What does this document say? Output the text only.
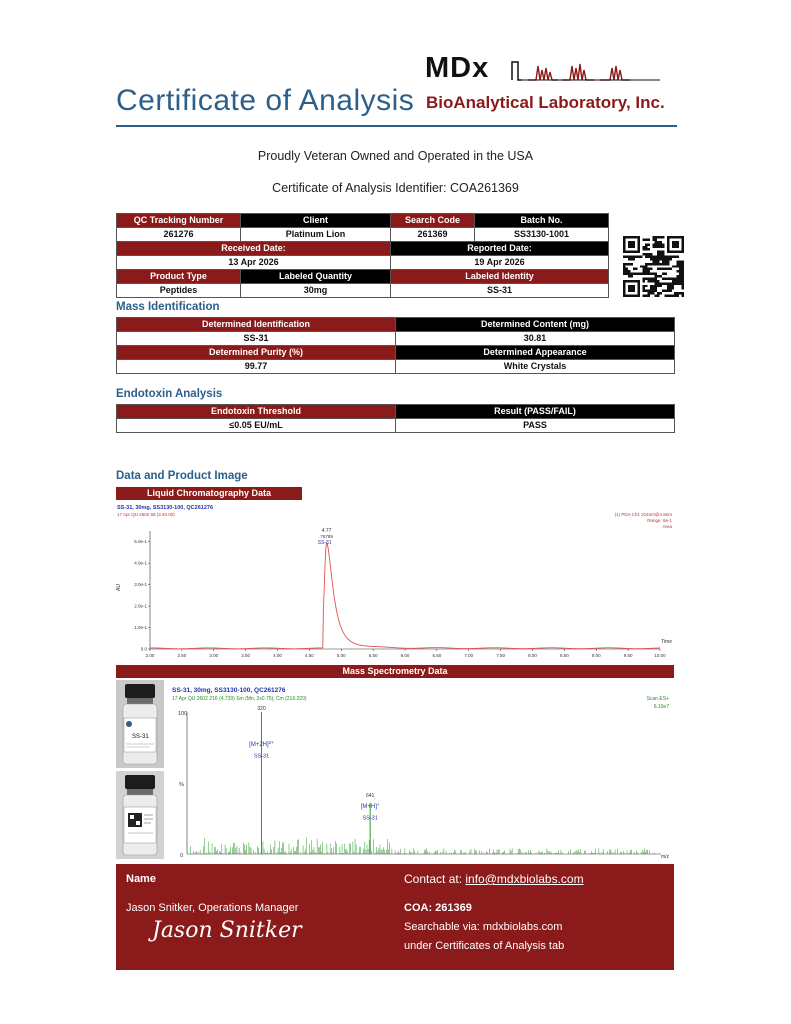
Certificate of Analysis
MDx
BioAnalytical Laboratory, Inc.
Proudly Veteran Owned and Operated in the USA
Certificate of Analysis Identifier: COA261369
QC Tracking Number	Client	Search Code	Batch No.
261276	Platinum Lion	261369	SS3130-1001
Received Date:		Reported Date:	
13 Apr 2026		19 Apr 2026	
Product Type	Labeled Quantity	Labeled Identity	
Peptides	30mg	SS-31	
Mass Identification
Determined Identification	Determined Content (mg)
SS-31	30.81
Determined Purity (%)	Determined Appearance
99.77	White Crystals
Endotoxin Analysis
Endotoxin Threshold	Result (PASS/FAIL)
≤0.05 EU/mL	PASS
Data and Product Image
Liquid Chromatography Data
SS-31, 30mg, SS3130-100, QC261276
17 Apr QU 2602 58 (3.40.00)	(1) PDA Ch1 214nm@4.8nm
Range: 8e-1
Area
AU
Time
0.0
1.0e-1
2.0e-1
3.0e-1
4.0e-1
5.0e-1
2.00	2.50	3.00	3.50	4.00	4.50	5.00	5.50	6.00	6.50	7.00	7.50	8.00	8.50	9.00	9.50	10.00
4.77
76789
SS-31
Mass Spectrometry Data
SS-31
SS-31, 30mg, SS3130-100, QC261276
17 Apr QU 2602 216 (4.739) Sm (Mn, 2x0.75); Cm (216:220)	Scan ES+
6.10e7
100
0
%
m/z
320
$[M+2H]^{2+}$
SS-31
641
[M+H]+
SS-31
Name
Jason Snitker, Operations Manager
Jason Snitker
Contact at: info@mdxbiolabs.com
COA: 261369
Searchable via: mdxbiolabs.com
under Certificates of Analysis tab
